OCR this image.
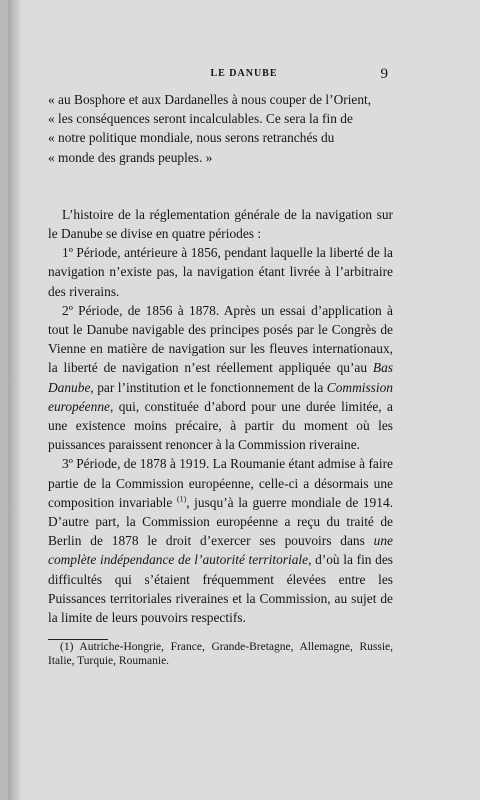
LE DANUBE	9
« au Bosphore et aux Dardanelles à nous couper de l’Orient,
« les conséquences seront incalculables. Ce sera la fin de
« notre politique mondiale, nous serons retranchés du
« monde des grands peuples. »

L’histoire de la réglementation générale de la navigation sur le Danube se divise en quatre périodes :

1º Période, antérieure à 1856, pendant laquelle la liberté de la navigation n’existe pas, la navigation étant livrée à l’arbitraire des riverains.

2º Période, de 1856 à 1878. Après un essai d’application à tout le Danube navigable des principes posés par le Congrès de Vienne en matière de navigation sur les fleuves internationaux, la liberté de navigation n’est réellement appliquée qu’au Bas Danube, par l’institution et le fonctionnement de la Commission européenne, qui, constituée d’abord pour une durée limitée, a une existence moins précaire, à partir du moment où les puissances paraissent renoncer à la Commission riveraine.

3º Période, de 1878 à 1919. La Roumanie étant admise à faire partie de la Commission européenne, celle-ci a désormais une composition invariable $^{(1)}$, jusqu’à la guerre mondiale de 1914. D’autre part, la Commission européenne a reçu du traité de Berlin de 1878 le droit d’exercer ses pouvoirs dans une complète indépendance de l’autorité territoriale, d’où la fin des difficultés qui s’étaient fréquemment élevées entre les Puissances territoriales riveraines et la Commission, au sujet de la limite de leurs pouvoirs respectifs.

(1) Autriche-Hongrie, France, Grande-Bretagne, Allemagne, Russie, Italie, Turquie, Roumanie.
